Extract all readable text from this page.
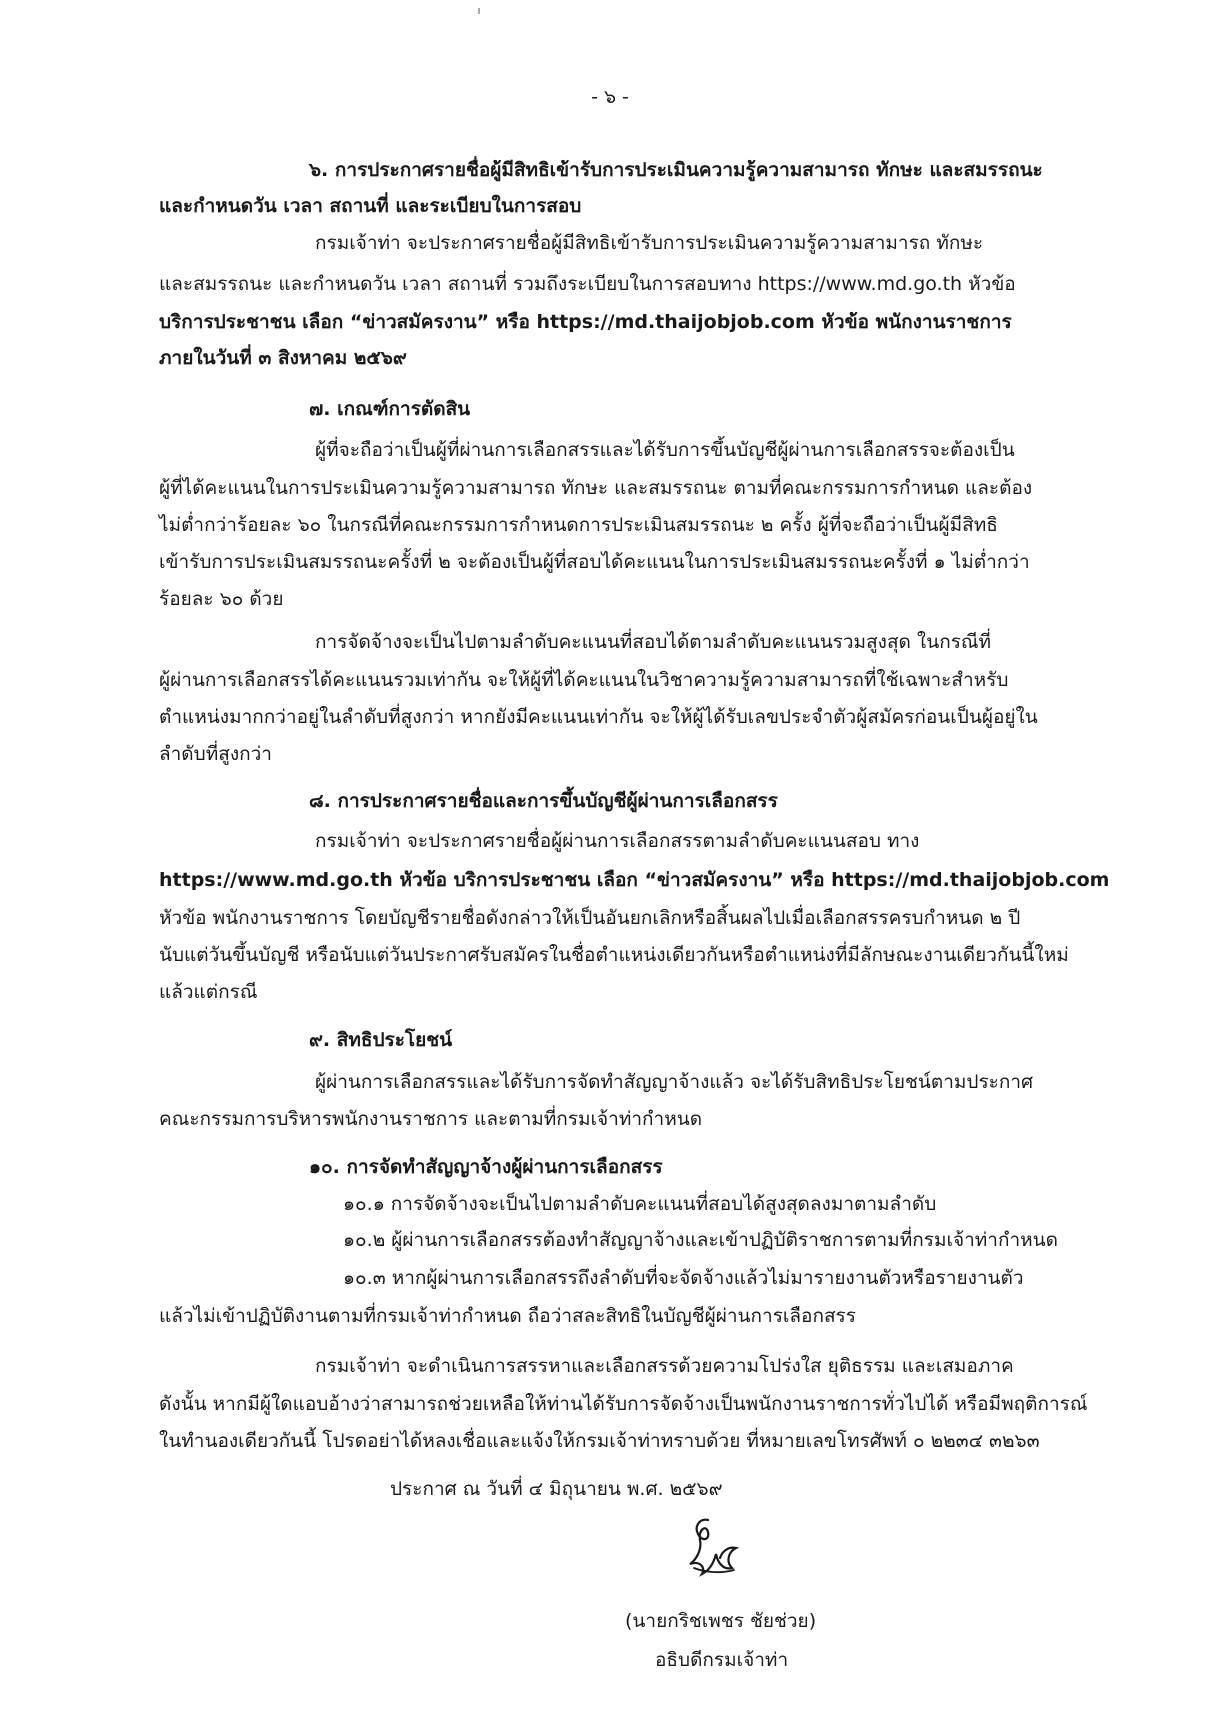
- ๖ -
๖. การประกาศรายชื่อผู้มีสิทธิเข้ารับการประเมินความรู้ความสามารถ ทักษะ และสมรรถนะ
และกำหนดวัน เวลา สถานที่ และระเบียบในการสอบ
กรมเจ้าท่า จะประกาศรายชื่อผู้มีสิทธิเข้ารับการประเมินความรู้ความสามารถ ทักษะ
และสมรรถนะ และกำหนดวัน เวลา สถานที่ รวมถึงระเบียบในการสอบทาง https://www.md.go.th หัวข้อ
บริการประชาชน เลือก “ข่าวสมัครงาน” หรือ https://md.thaijobjob.com หัวข้อ พนักงานราชการ
ภายในวันที่ ๓ สิงหาคม ๒๕๖๙
๗. เกณฑ์การตัดสิน
ผู้ที่จะถือว่าเป็นผู้ที่ผ่านการเลือกสรรและได้รับการขึ้นบัญชีผู้ผ่านการเลือกสรรจะต้องเป็น
ผู้ที่ได้คะแนนในการประเมินความรู้ความสามารถ ทักษะ และสมรรถนะ ตามที่คณะกรรมการกำหนด และต้อง
ไม่ต่ำกว่าร้อยละ ๖๐ ในกรณีที่คณะกรรมการกำหนดการประเมินสมรรถนะ ๒ ครั้ง ผู้ที่จะถือว่าเป็นผู้มีสิทธิ
เข้ารับการประเมินสมรรถนะครั้งที่ ๒ จะต้องเป็นผู้ที่สอบได้คะแนนในการประเมินสมรรถนะครั้งที่ ๑ ไม่ต่ำกว่า
ร้อยละ ๖๐ ด้วย
การจัดจ้างจะเป็นไปตามลำดับคะแนนที่สอบได้ตามลำดับคะแนนรวมสูงสุด ในกรณีที่
ผู้ผ่านการเลือกสรรได้คะแนนรวมเท่ากัน จะให้ผู้ที่ได้คะแนนในวิชาความรู้ความสามารถที่ใช้เฉพาะสำหรับ
ตำแหน่งมากกว่าอยู่ในลำดับที่สูงกว่า หากยังมีคะแนนเท่ากัน จะให้ผู้ได้รับเลขประจำตัวผู้สมัครก่อนเป็นผู้อยู่ใน
ลำดับที่สูงกว่า
๘. การประกาศรายชื่อและการขึ้นบัญชีผู้ผ่านการเลือกสรร
กรมเจ้าท่า จะประกาศรายชื่อผู้ผ่านการเลือกสรรตามลำดับคะแนนสอบ ทาง
https://www.md.go.th หัวข้อ บริการประชาชน เลือก “ข่าวสมัครงาน” หรือ https://md.thaijobjob.com
หัวข้อ พนักงานราชการ โดยบัญชีรายชื่อดังกล่าวให้เป็นอันยกเลิกหรือสิ้นผลไปเมื่อเลือกสรรครบกำหนด ๒ ปี
นับแต่วันขึ้นบัญชี หรือนับแต่วันประกาศรับสมัครในชื่อตำแหน่งเดียวกันหรือตำแหน่งที่มีลักษณะงานเดียวกันนี้ใหม่
แล้วแต่กรณี
๙. สิทธิประโยชน์
ผู้ผ่านการเลือกสรรและได้รับการจัดทำสัญญาจ้างแล้ว จะได้รับสิทธิประโยชน์ตามประกาศ
คณะกรรมการบริหารพนักงานราชการ และตามที่กรมเจ้าท่ากำหนด
๑๐. การจัดทำสัญญาจ้างผู้ผ่านการเลือกสรร
๑๐.๑ การจัดจ้างจะเป็นไปตามลำดับคะแนนที่สอบได้สูงสุดลงมาตามลำดับ
๑๐.๒ ผู้ผ่านการเลือกสรรต้องทำสัญญาจ้างและเข้าปฏิบัติราชการตามที่กรมเจ้าท่ากำหนด
๑๐.๓ หากผู้ผ่านการเลือกสรรถึงลำดับที่จะจัดจ้างแล้วไม่มารายงานตัวหรือรายงานตัว
แล้วไม่เข้าปฏิบัติงานตามที่กรมเจ้าท่ากำหนด ถือว่าสละสิทธิในบัญชีผู้ผ่านการเลือกสรร
กรมเจ้าท่า จะดำเนินการสรรหาและเลือกสรรด้วยความโปร่งใส ยุติธรรม และเสมอภาค
ดังนั้น หากมีผู้ใดแอบอ้างว่าสามารถช่วยเหลือให้ท่านได้รับการจัดจ้างเป็นพนักงานราชการทั่วไปได้ หรือมีพฤติการณ์
ในทำนองเดียวกันนี้ โปรดอย่าได้หลงเชื่อและแจ้งให้กรมเจ้าท่าทราบด้วย ที่หมายเลขโทรศัพท์ ๐ ๒๒๓๔ ๓๒๖๓
ประกาศ ณ วันที่ ๔ มิถุนายน พ.ศ. ๒๕๖๙
(นายกริชเพชร ชัยช่วย)
อธิบดีกรมเจ้าท่า
